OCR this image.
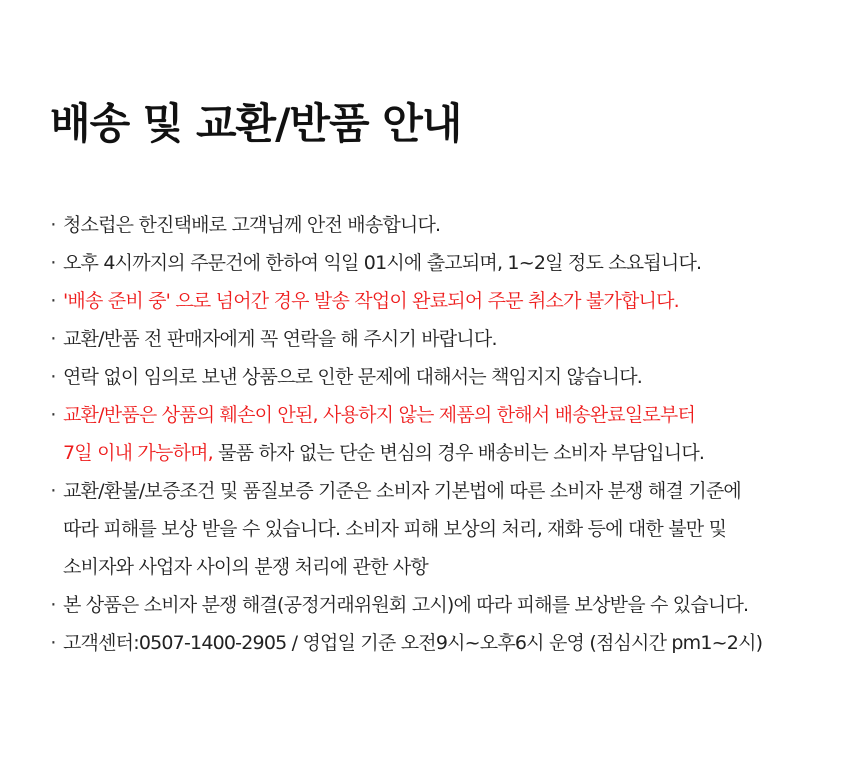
배송 및 교환/반품 안내
· 청소럽은 한진택배로 고객님께 안전 배송합니다.
· 오후 4시까지의 주문건에 한하여 익일 01시에 출고되며, 1~2일 정도 소요됩니다.
· '배송 준비 중' 으로 넘어간 경우 발송 작업이 완료되어 주문 취소가 불가합니다.
· 교환/반품 전 판매자에게 꼭 연락을 해 주시기 바랍니다.
· 연락 없이 임의로 보낸 상품으로 인한 문제에 대해서는 책임지지 않습니다.
· 교환/반품은 상품의 훼손이 안된, 사용하지 않는 제품의 한해서 배송완료일로부터
7일 이내 가능하며, 물품 하자 없는 단순 변심의 경우 배송비는 소비자 부담입니다.
· 교환/환불/보증조건 및 품질보증 기준은 소비자 기본법에 따른 소비자 분쟁 해결 기준에
따라 피해를 보상 받을 수 있습니다. 소비자 피해 보상의 처리, 재화 등에 대한 불만 및
소비자와 사업자 사이의 분쟁 처리에 관한 사항
· 본 상품은 소비자 분쟁 해결(공정거래위원회 고시)에 따라 피해를 보상받을 수 있습니다.
· 고객센터:0507-1400-2905 / 영업일 기준 오전9시~오후6시 운영 (점심시간 pm1~2시)
